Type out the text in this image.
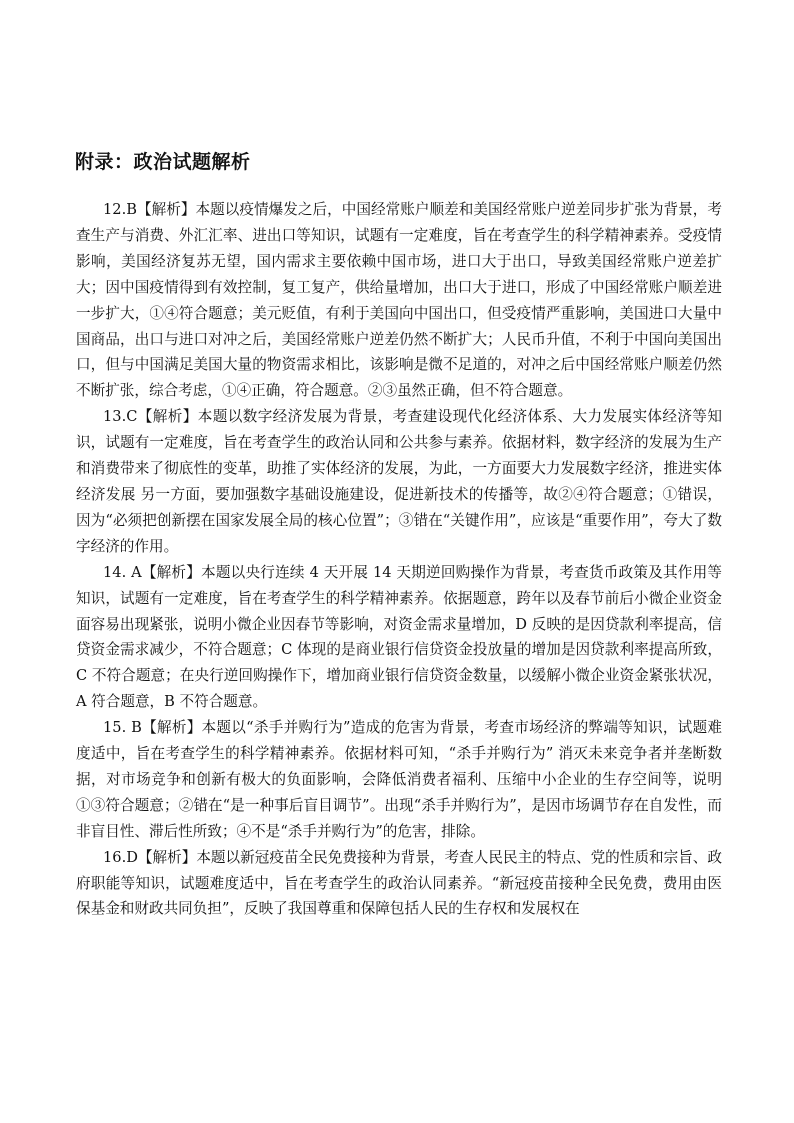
附录：政治试题解析

12.B【解析】本题以疫情爆发之后，中国经常账户顺差和美国经常账户逆差同步扩张为背景，考查生产与消费、外汇汇率、进出口等知识，试题有一定难度，旨在考查学生的科学精神素养。受疫情影响，美国经济复苏无望，国内需求主要依赖中国市场，进口大于出口，导致美国经常账户逆差扩大；因中国疫情得到有效控制，复工复产，供给量增加，出口大于进口，形成了中国经常账户顺差进一步扩大，①④符合题意；美元贬值，有利于美国向中国出口，但受疫情严重影响，美国进口大量中国商品，出口与进口对冲之后，美国经常账户逆差仍然不断扩大；人民币升值，不利于中国向美国出口，但与中国满足美国大量的物资需求相比，该影响是微不足道的，对冲之后中国经常账户顺差仍然不断扩张，综合考虑，①④正确，符合题意。②③虽然正确，但不符合题意。

13.C【解析】本题以数字经济发展为背景，考查建设现代化经济体系、大力发展实体经济等知识，试题有一定难度，旨在考查学生的政治认同和公共参与素养。依据材料，数字经济的发展为生产和消费带来了彻底性的变革，助推了实体经济的发展，为此，一方面要大力发展数字经济，推进实体经济发展 另一方面，要加强数字基础设施建设，促进新技术的传播等，故②④符合题意；①错误，因为“必须把创新摆在国家发展全局的核心位置”；③错在“关键作用”，应该是“重要作用”，夸大了数字经济的作用。

14. A【解析】本题以央行连续 4 天开展 14 天期逆回购操作为背景，考查货币政策及其作用等知识，试题有一定难度，旨在考查学生的科学精神素养。依据题意，跨年以及春节前后小微企业资金面容易出现紧张，说明小微企业因春节等影响，对资金需求量增加，D 反映的是因贷款利率提高，信贷资金需求减少，不符合题意；C 体现的是商业银行信贷资金投放量的增加是因贷款利率提高所致，C 不符合题意；在央行逆回购操作下，增加商业银行信贷资金数量，以缓解小微企业资金紧张状况， A 符合题意，B 不符合题意。

15. B【解析】本题以“杀手并购行为”造成的危害为背景，考查市场经济的弊端等知识，试题难度适中，旨在考查学生的科学精神素养。依据材料可知，“杀手并购行为” 消灭未来竞争者并垄断数据，对市场竞争和创新有极大的负面影响，会降低消费者福利、压缩中小企业的生存空间等，说明①③符合题意；②错在“是一种事后盲目调节”。出现“杀手并购行为”，是因市场调节存在自发性，而非盲目性、滞后性所致；④不是“杀手并购行为”的危害，排除。

16.D【解析】本题以新冠疫苗全民免费接种为背景，考查人民民主的特点、党的性质和宗旨、政府职能等知识，试题难度适中，旨在考查学生的政治认同素养。“新冠疫苗接种全民免费，费用由医保基金和财政共同负担”，反映了我国尊重和保障包括人民的生存权和发展权在
